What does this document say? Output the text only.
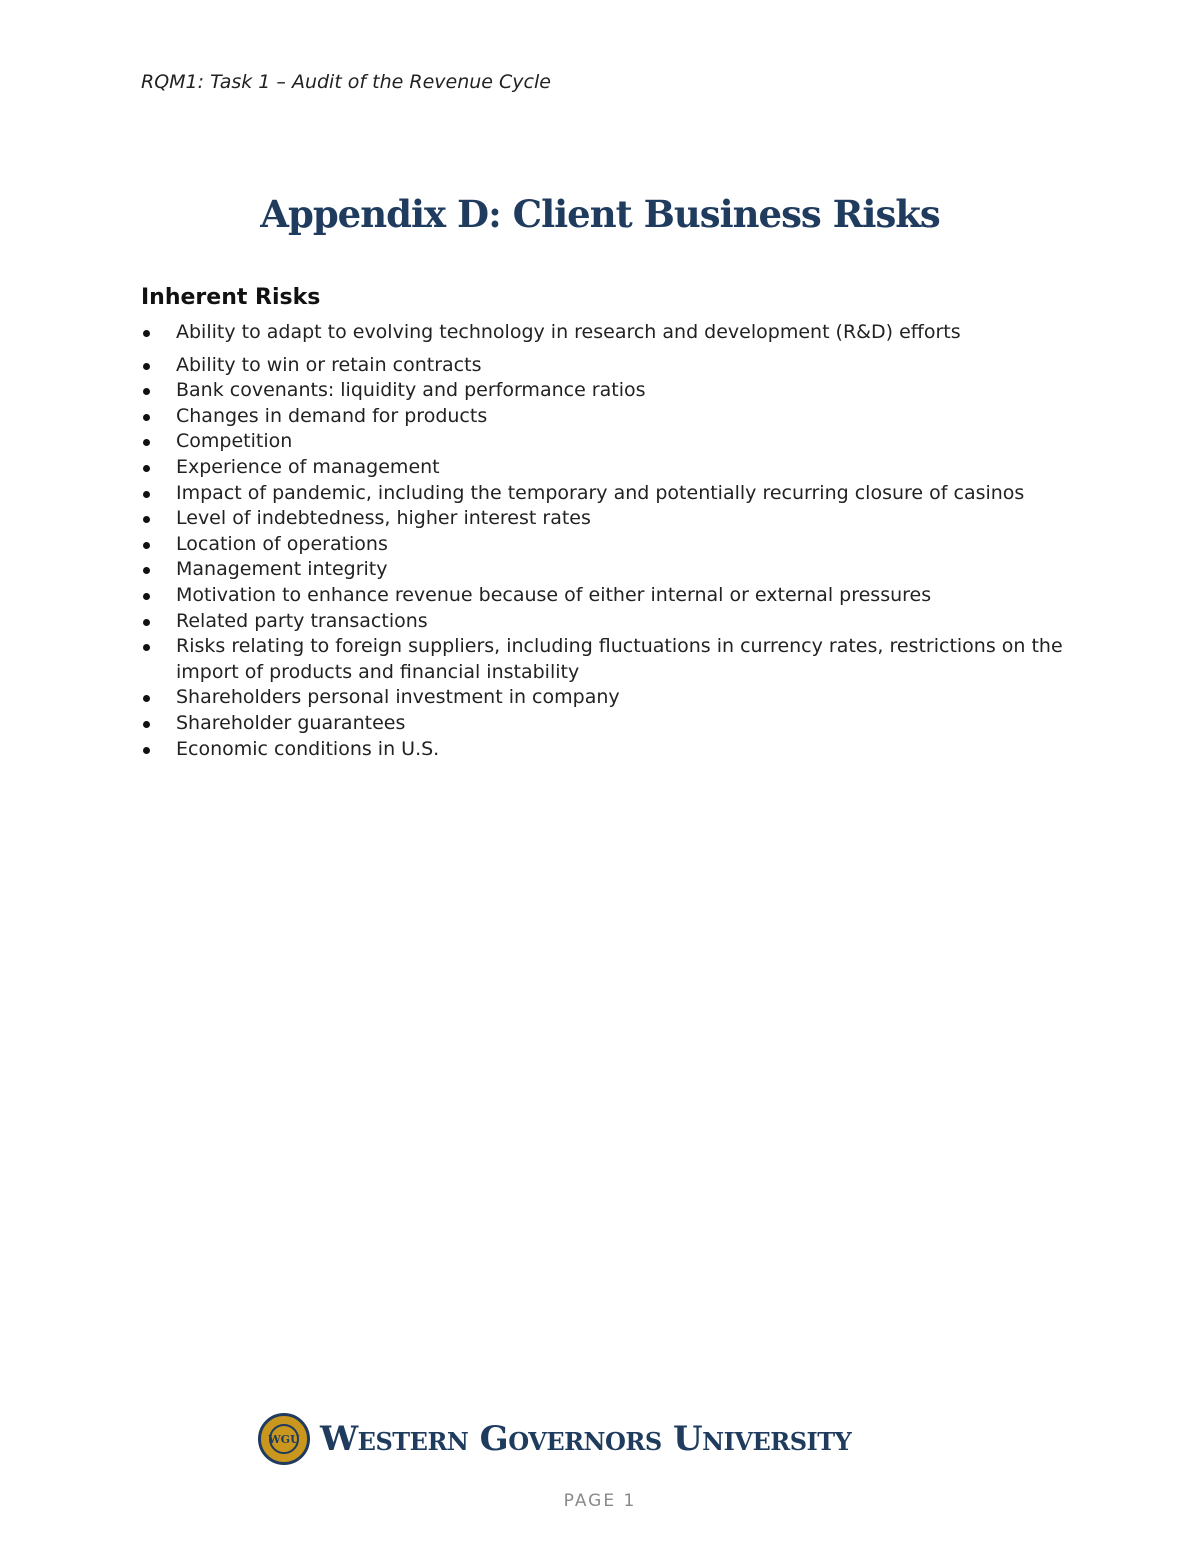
RQM1: Task 1 – Audit of the Revenue Cycle
Appendix D: Client Business Risks
Inherent Risks
Ability to adapt to evolving technology in research and development (R&D) efforts
Ability to win or retain contracts
Bank covenants: liquidity and performance ratios
Changes in demand for products
Competition
Experience of management
Impact of pandemic, including the temporary and potentially recurring closure of casinos
Level of indebtedness, higher interest rates
Location of operations
Management integrity
Motivation to enhance revenue because of either internal or external pressures
Related party transactions
Risks relating to foreign suppliers, including fluctuations in currency rates, restrictions on the import of products and financial instability
Shareholders personal investment in company
Shareholder guarantees
Economic conditions in U.S.
WGU Western Governors University
PAGE 1
